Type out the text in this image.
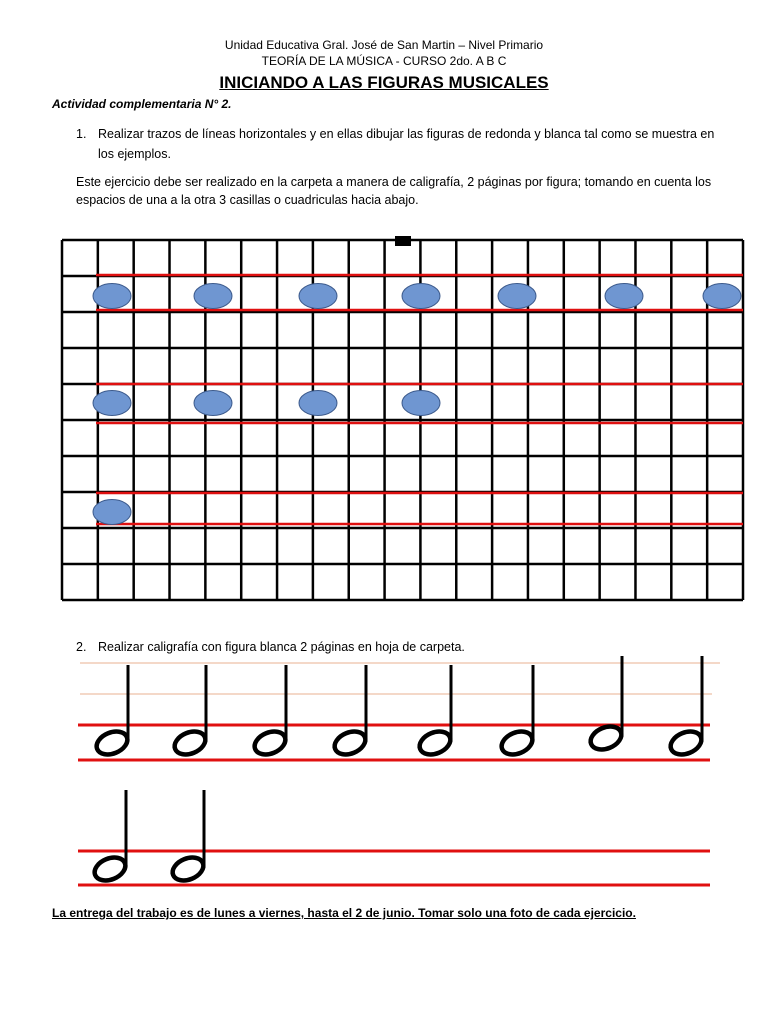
Unidad Educativa Gral. José de San Martin – Nivel Primario
TEORÍA DE LA MÚSICA - CURSO 2do. A B C
INICIANDO A LAS FIGURAS MUSICALES
Actividad complementaria N° 2.
1. Realizar trazos de líneas horizontales y en ellas dibujar las figuras de redonda y blanca tal como se muestra en los ejemplos.
Este ejercicio debe ser realizado en la carpeta a manera de caligrafía, 2 páginas por figura; tomando en cuenta los espacios de una a la otra 3 casillas o cuadriculas hacia abajo.
2. Realizar caligrafía con figura blanca 2 páginas en hoja de carpeta.
La entrega del trabajo es de lunes a viernes, hasta el 2 de junio. Tomar solo una foto de cada ejercicio.
